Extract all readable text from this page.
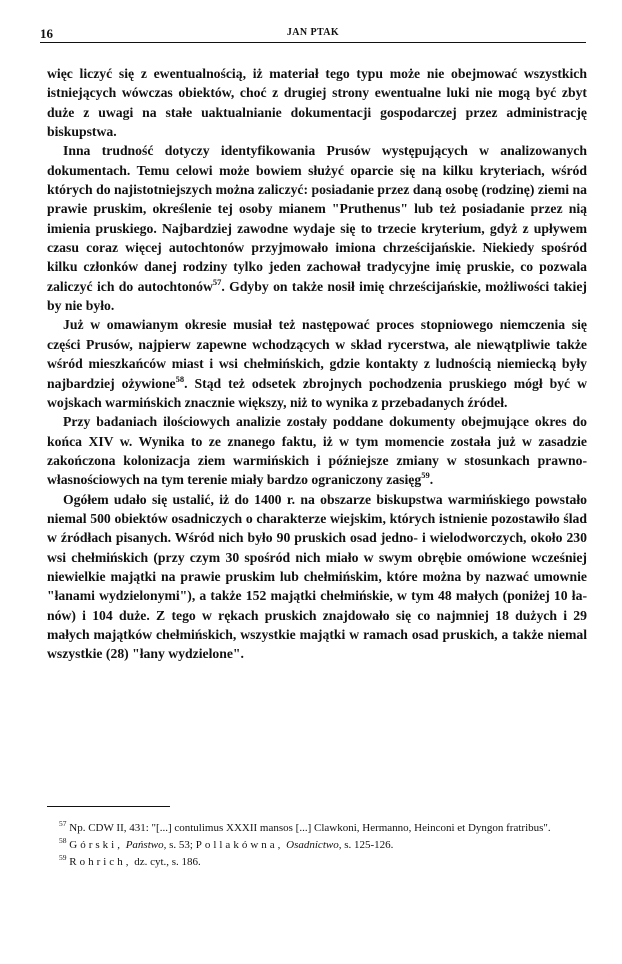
16	JAN PTAK

więc liczyć się z ewentualnością, iż materiał tego typu może nie obejmować wszystkich istniejących wówczas obiektów, choć z drugiej strony ewentualne luki nie mogą być zbyt duże z uwagi na stałe uaktualnianie dokumentacji gospodarczej przez administrację biskupstwa.

Inna trudność dotyczy identyfikowania Prusów występujących w analizowanych dokumentach. Temu celowi może bowiem służyć oparcie się na kilku kryteriach, wśród których do najistotniejszych można zaliczyć: posiadanie przez daną osobę (rodzinę) ziemi na prawie pruskim, określenie tej osoby mianem "Pruthenus" lub też posiadanie przez nią imienia pruskiego. Najbardziej zawodne wydaje się to trzecie kryterium, gdyż z upływem czasu coraz więcej autochtonów przyjmowało imiona chrześcijańskie. Niekiedy spośród kilku członków danej rodziny tylko jeden zachował tradycyjne imię pruskie, co pozwala zaliczyć ich do autochtonów$^{57}$. Gdyby on także nosił imię chrześcijańskie, możliwości takiej by nie było.

Już w omawianym okresie musiał też następować proces stopniowego niemczenia się części Prusów, najpierw zapewne wchodzących w skład rycerstwa, ale niewątpliwie także wśród mieszkańców miast i wsi chełmińskich, gdzie kontakty z ludnością niemiecką były najbardziej ożywione$^{58}$. Stąd też odsetek zbrojnych pochodzenia pruskiego mógł być w wojskach warmińskich znacznie większy, niż to wynika z przebadanych źródeł.

Przy badaniach ilościowych analizie zostały poddane dokumenty obejmujące okres do końca XIV w. Wynika to ze znanego faktu, iż w tym momencie została już w zasadzie zakończona kolonizacja ziem warmińskich i późniejsze zmiany w stosunkach prawno-własnościowych na tym terenie miały bardzo ograniczony zasięg$^{59}$.

Ogółem udało się ustalić, iż do 1400 r. na obszarze biskupstwa warmińskiego powstało niemal 500 obiektów osadniczych o charakterze wiejskim, których istnienie pozostawiło ślad w źródłach pisanych. Wśród nich było 90 pruskich osad jedno- i wielodworczych, około 230 wsi chełmińskich (przy czym 30 spośród nich miało w swym obrębie omówione wcześniej niewielkie majątki na prawie pruskim lub chełmińskim, które można by nazwać umownie "łanami wydzielonymi"), a także 152 majątki chełmińskie, w tym 48 małych (poniżej 10 łanów) i 104 duże. Z tego w rękach pruskich znajdowało się co najmniej 18 dużych i 29 małych majątków chełmińskich, wszystkie majątki w ramach osad pruskich, a także niemal wszystkie (28) "łany wydzielone".

$^{57}$ Np. CDW II, 431: "[...] contulimus XXXII mansos [...] Clawkoni, Hermanno, Heinconi et Dyngon fratribus".

$^{58}$ Górski, Państwo, s. 53; Pollakówna, Osadnictwo, s. 125-126.

$^{59}$ Rohrich, dz. cyt., s. 186.
